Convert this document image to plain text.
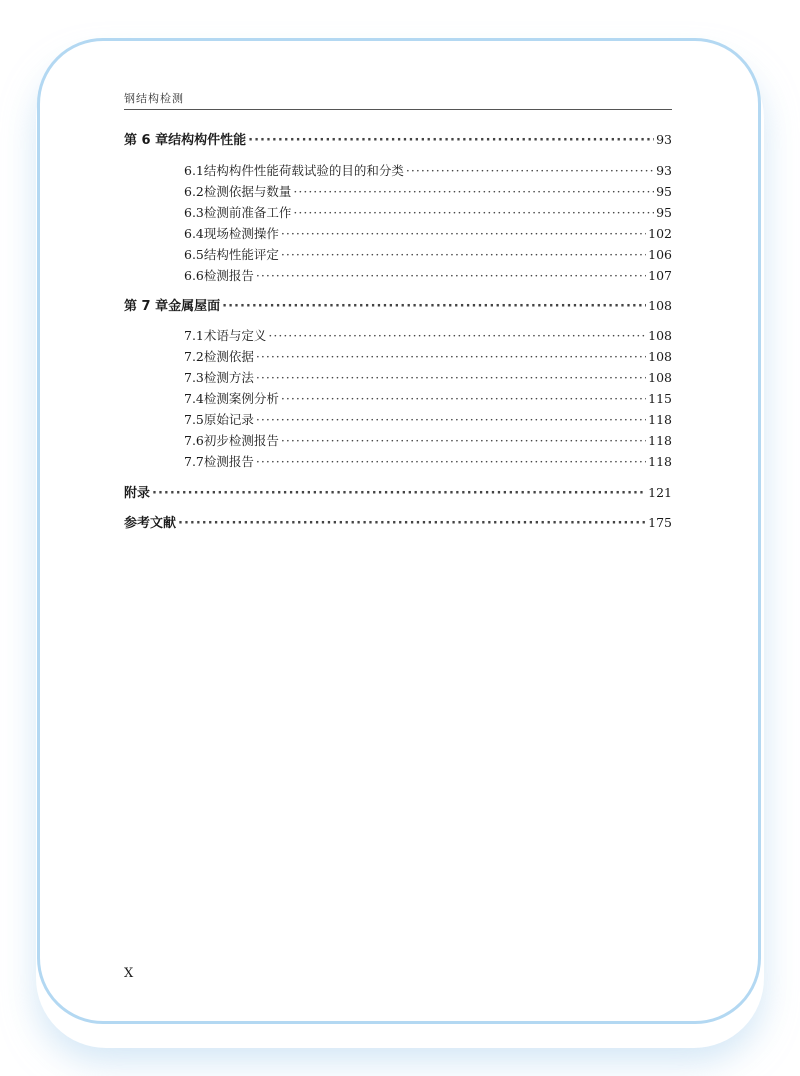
钢结构检测
第 6 章 结构构件性能 ·····	93
6.1 结构构件性能荷载试验的目的和分类 ·····	93
6.2 检测依据与数量 ·····	95
6.3 检测前准备工作 ·····	95
6.4 现场检测操作 ·····	102
6.5 结构性能评定 ·····	106
6.6 检测报告 ·····	107
第 7 章 金属屋面 ·····	108
7.1 术语与定义 ·····	108
7.2 检测依据 ·····	108
7.3 检测方法 ·····	108
7.4 检测案例分析 ·····	115
7.5 原始记录 ·····	118
7.6 初步检测报告 ·····	118
7.7 检测报告 ·····	118
附录 ·····	121
参考文献 ·····	175
X
